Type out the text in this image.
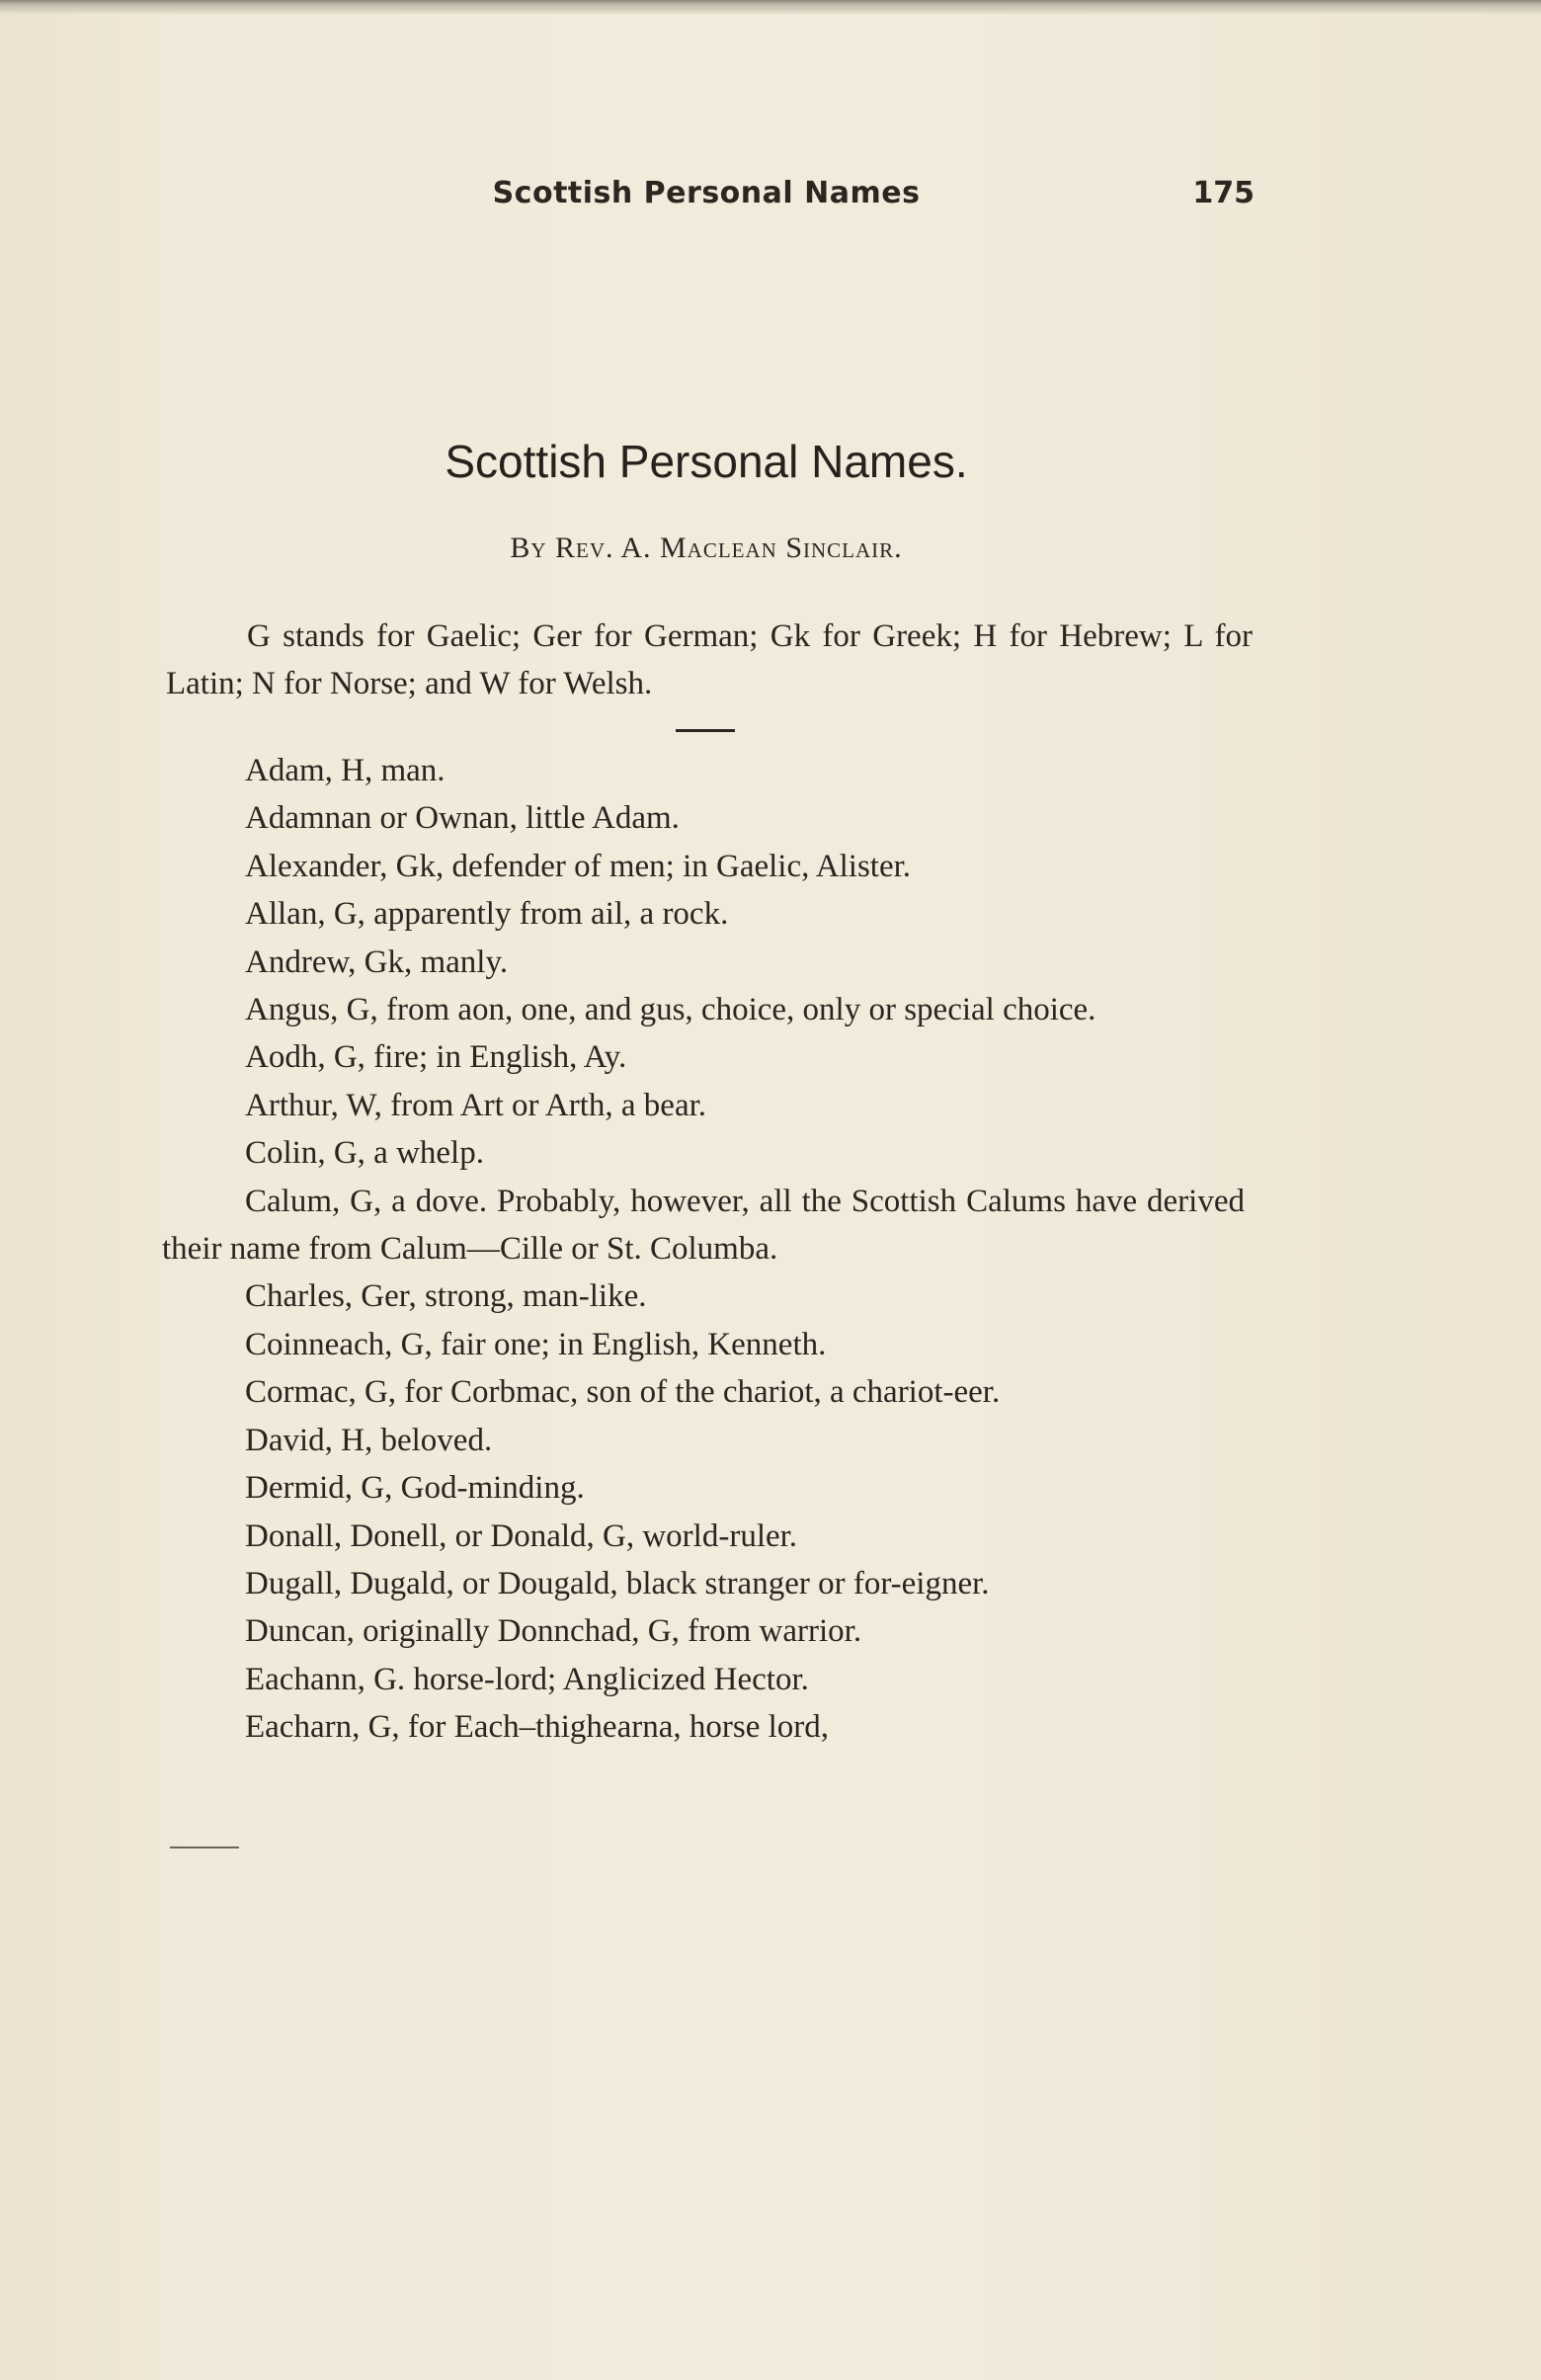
Scottish Personal Names	175
Scottish Personal Names.
By Rev. A. Maclean Sinclair.

G stands for Gaelic; Ger for German; Gk for Greek; H for Hebrew; L for Latin; N for Norse; and W for Welsh.

Adam, H, man.

Adamnan or Ownan, little Adam.

Alexander, Gk, defender of men; in Gaelic, Alister.

Allan, G, apparently from ail, a rock.

Andrew, Gk, manly.

Angus, G, from aon, one, and gus, choice, only or special choice.

Aodh, G, fire; in English, Ay.

Arthur, W, from Art or Arth, a bear.

Colin, G, a whelp.

Calum, G, a dove. Probably, however, all the Scottish Calums have derived their name from Calum—Cille or St. Columba.

Charles, Ger, strong, man-like.

Coinneach, G, fair one; in English, Kenneth.

Cormac, G, for Corbmac, son of the chariot, a chariot-eer.

David, H, beloved.

Dermid, G, God-minding.

Donall, Donell, or Donald, G, world-ruler.

Dugall, Dugald, or Dougald, black stranger or for-eigner.

Duncan, originally Donnchad, G, from warrior.

Eachann, G. horse-lord; Anglicized Hector.

Eacharn, G, for Each–thighearna, horse lord,
